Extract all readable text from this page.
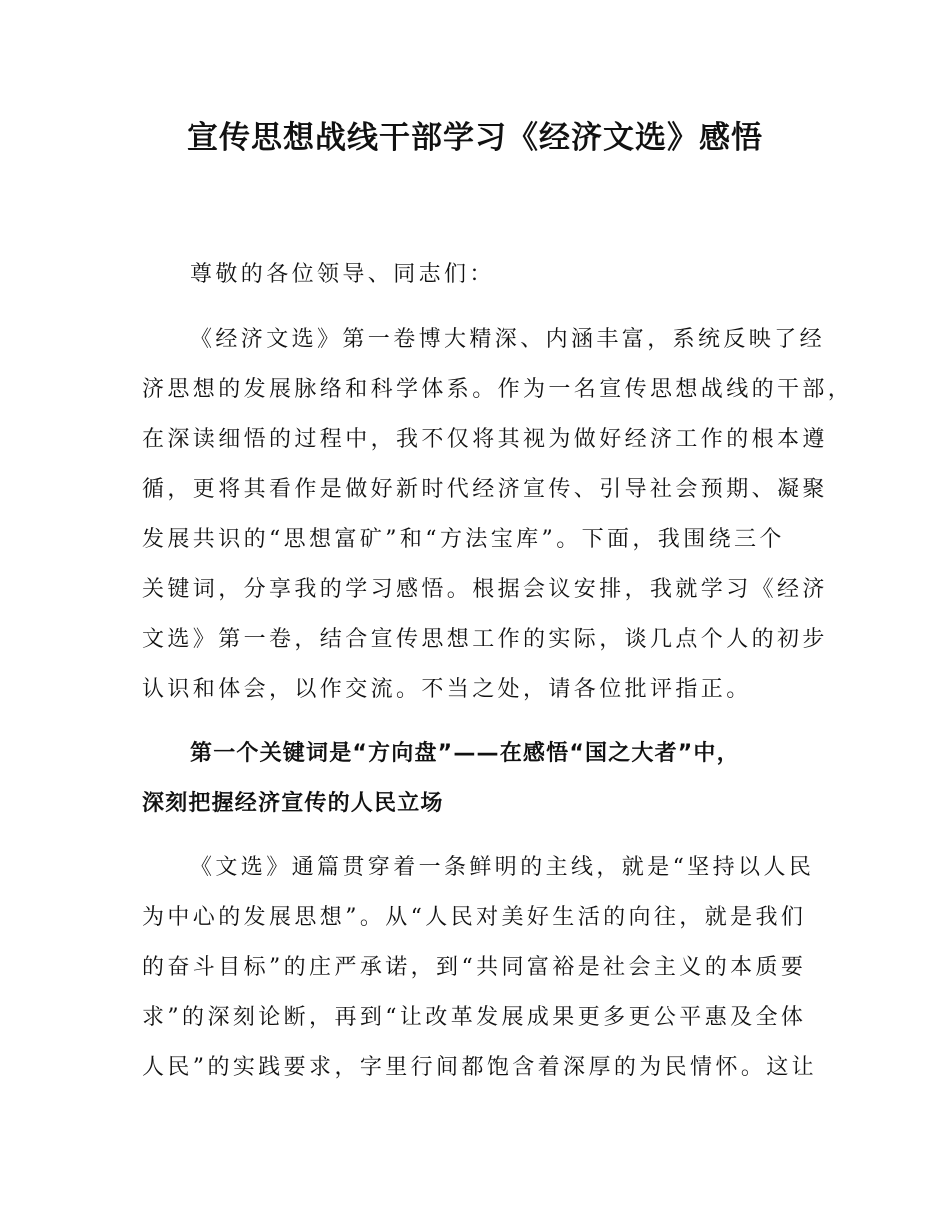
宣传思想战线干部学习《经济文选》感悟

尊敬的各位领导、同志们：

《经济文选》第一卷博大精深、内涵丰富，系统反映了经

济思想的发展脉络和科学体系。作为一名宣传思想战线的干部，

在深读细悟的过程中，我不仅将其视为做好经济工作的根本遵

循，更将其看作是做好新时代经济宣传、引导社会预期、凝聚

发展共识的“思想富矿”和“方法宝库”。下面，我围绕三个

关键词，分享我的学习感悟。根据会议安排，我就学习《经济

文选》第一卷，结合宣传思想工作的实际，谈几点个人的初步

认识和体会，以作交流。不当之处，请各位批评指正。

第一个关键词是“方向盘”——在感悟“国之大者”中，

深刻把握经济宣传的人民立场

《文选》通篇贯穿着一条鲜明的主线，就是“坚持以人民

为中心的发展思想”。从“人民对美好生活的向往，就是我们

的奋斗目标”的庄严承诺，到“共同富裕是社会主义的本质要

求”的深刻论断，再到“让改革发展成果更多更公平惠及全体

人民”的实践要求，字里行间都饱含着深厚的为民情怀。这让
